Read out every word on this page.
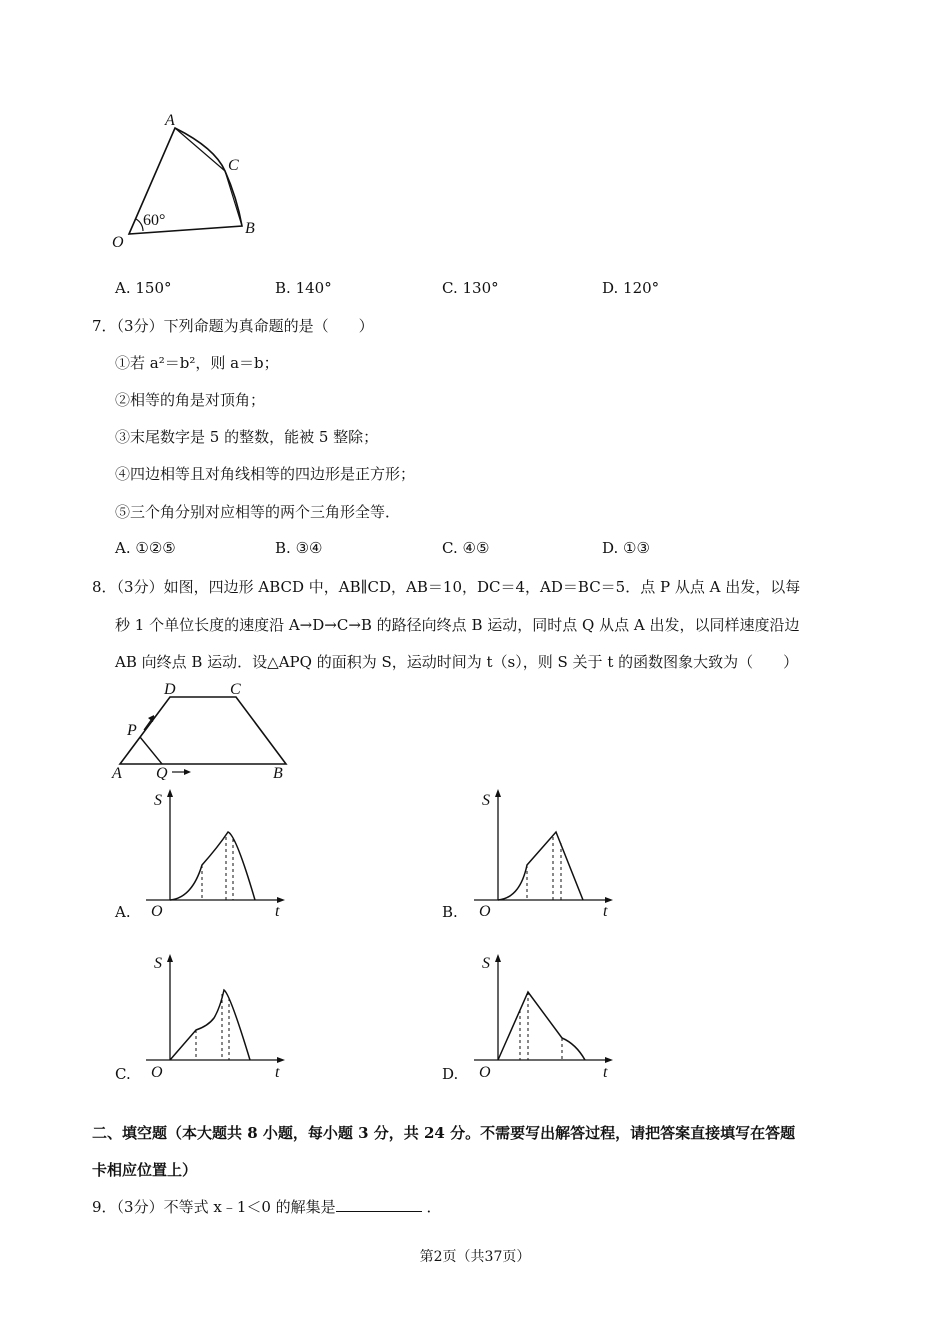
A
C
B
O
60°
A. 150°	B. 140°	C. 130°	D. 120°
7．（3分）下列命题为真命题的是（　　）
①若 a²＝b²，则 a＝b；
②相等的角是对顶角；
③末尾数字是 5 的整数，能被 5 整除；
④四边相等且对角线相等的四边形是正方形；
⑤三个角分别对应相等的两个三角形全等．
A. ①②⑤	B. ③④	C. ④⑤	D. ①③
8．（3分）如图，四边形 ABCD 中，AB∥CD，AB＝10，DC＝4，AD＝BC＝5．点 P 从点 A 出发，以每
秒 1 个单位长度的速度沿 A→D→C→B 的路径向终点 B 运动，同时点 Q 从点 A 出发，以同样速度沿边
AB 向终点 B 运动．设△APQ 的面积为 S，运动时间为 t（s），则 S 关于 t 的函数图象大致为（　　）
D	C
P
A Q	B
S
t
O
A.
S
t
O
B.
S
t
O
C.
S
t
O
D.
二、填空题（本大题共 8 小题，每小题 3 分，共 24 分。不需要写出解答过程，请把答案直接填写在答题
卡相应位置上）
9．（3分）不等式 x﹣1＜0 的解集是	．
第2页（共37页）
